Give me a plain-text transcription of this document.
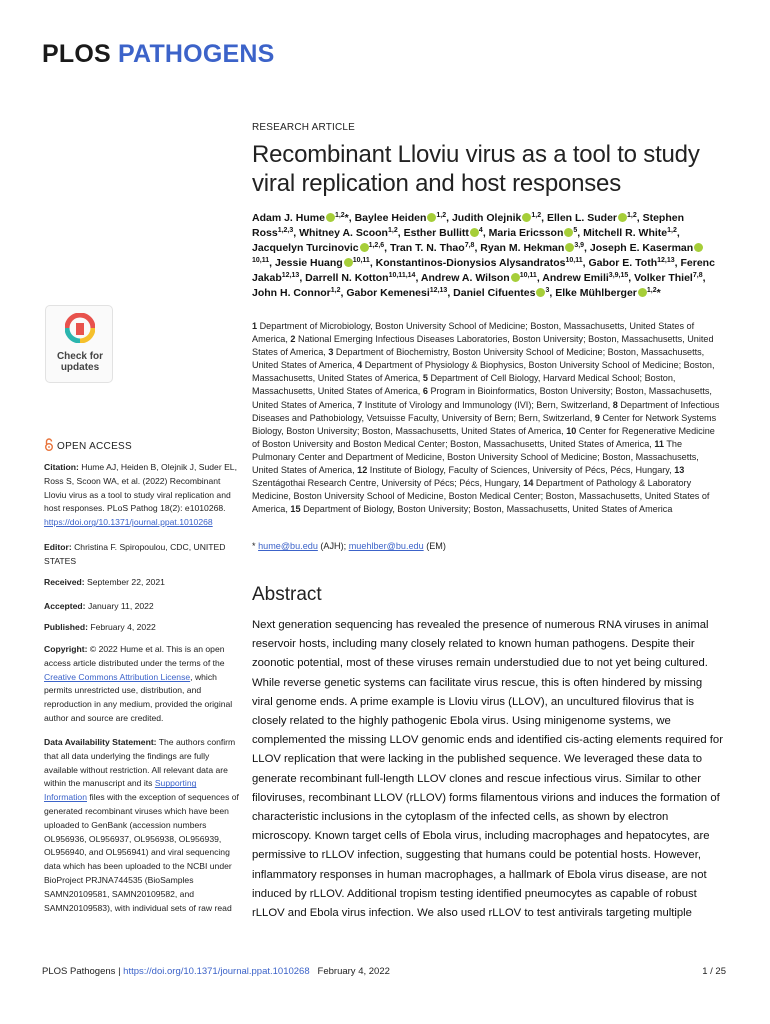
PLOS PATHOGENS
RESEARCH ARTICLE
Recombinant Lloviu virus as a tool to study viral replication and host responses
Adam J. Hume $^{1,2}$*, Baylee Heiden $^{1,2}$, Judith Olejnik $^{1,2}$, Ellen L. Suder $^{1,2}$, Stephen Ross$^{1,2,3}$, Whitney A. Scoon$^{1,2}$, Esther Bullitt $^4$, Maria Ericsson $^5$, Mitchell R. White$^{1,2}$, Jacquelyn Turcinovic $^{1,2,6}$, Tran T. N. Thao$^{7,8}$, Ryan M. Hekman $^{3,9}$, Joseph E. Kaserman$^{10,11}$, Jessie Huang $^{10,11}$, Konstantinos-Dionysios Alysandratos$^{10,11}$, Gabor E. Toth$^{12,13}$, Ferenc Jakab$^{12,13}$, Darrell N. Kotton$^{10,11,14}$, Andrew A. Wilson $^{10,11}$, Andrew Emili$^{3,9,15}$, Volker Thiel$^{7,8}$, John H. Connor$^{1,2}$, Gabor Kemenesi$^{12,13}$, Daniel Cifuentes $^3$, Elke Mühlberger $^{1,2}$*
1 Department of Microbiology, Boston University School of Medicine; Boston, Massachusetts, United States of America, 2 National Emerging Infectious Diseases Laboratories, Boston University; Boston, Massachusetts, United States of America, 3 Department of Biochemistry, Boston University School of Medicine; Boston, Massachusetts, United States of America, 4 Department of Physiology & Biophysics, Boston University School of Medicine; Boston, Massachusetts, United States of America, 5 Department of Cell Biology, Harvard Medical School; Boston, Massachusetts, United States of America, 6 Program in Bioinformatics, Boston University; Boston, Massachusetts, United States of America, 7 Institute of Virology and Immunology (IVI); Bern, Switzerland, 8 Department of Infectious Diseases and Pathobiology, Vetsuisse Faculty, University of Bern; Bern, Switzerland, 9 Center for Network Systems Biology, Boston University; Boston, Massachusetts, United States of America, 10 Center for Regenerative Medicine of Boston University and Boston Medical Center; Boston, Massachusetts, United States of America, 11 The Pulmonary Center and Department of Medicine, Boston University School of Medicine; Boston, Massachusetts, United States of America, 12 Institute of Biology, Faculty of Sciences, University of Pécs, Pécs, Hungary, 13 Szentágothai Research Centre, University of Pécs; Pécs, Hungary, 14 Department of Pathology & Laboratory Medicine, Boston University School of Medicine, Boston Medical Center; Boston, Massachusetts, United States of America, 15 Department of Biology, Boston University; Boston, Massachusetts, United States of America
* hume@bu.edu (AJH); muehlber@bu.edu (EM)
Check for
updates
OPEN ACCESS
Citation: Hume AJ, Heiden B, Olejnik J, Suder EL, Ross S, Scoon WA, et al. (2022) Recombinant Lloviu virus as a tool to study viral replication and host responses. PLoS Pathog 18(2): e1010268. https://doi.org/10.1371/journal.ppat.1010268
Editor: Christina F. Spiropoulou, CDC, UNITED STATES
Received: September 22, 2021
Accepted: January 11, 2022
Published: February 4, 2022
Copyright: © 2022 Hume et al. This is an open access article distributed under the terms of the Creative Commons Attribution License, which permits unrestricted use, distribution, and reproduction in any medium, provided the original author and source are credited.
Data Availability Statement: The authors confirm that all data underlying the findings are fully available without restriction. All relevant data are within the manuscript and its Supporting Information files with the exception of sequences of generated recombinant viruses which have been uploaded to GenBank (accession numbers OL956936, OL956937, OL956938, OL956939, OL956940, and OL956941) and viral sequencing data which has been uploaded to the NCBI under BioProject PRJNA744535 (BioSamples SAMN20109581, SAMN20109582, and SAMN20109583), with individual sets of raw read
Abstract

Next generation sequencing has revealed the presence of numerous RNA viruses in animal reservoir hosts, including many closely related to known human pathogens. Despite their zoonotic potential, most of these viruses remain understudied due to not yet being cultured. While reverse genetic systems can facilitate virus rescue, this is often hindered by missing viral genome ends. A prime example is Lloviu virus (LLOV), an uncultured filovirus that is closely related to the highly pathogenic Ebola virus. Using minigenome systems, we complemented the missing LLOV genomic ends and identified cis-acting elements required for LLOV replication that were lacking in the published sequence. We leveraged these data to generate recombinant full-length LLOV clones and rescue infectious virus. Similar to other filoviruses, recombinant LLOV (rLLOV) forms filamentous virions and induces the formation of characteristic inclusions in the cytoplasm of the infected cells, as shown by electron microscopy. Known target cells of Ebola virus, including macrophages and hepatocytes, are permissive to rLLOV infection, suggesting that humans could be potential hosts. However, inflammatory responses in human macrophages, a hallmark of Ebola virus disease, are not induced by rLLOV. Additional tropism testing identified pneumocytes as capable of robust rLLOV and Ebola virus infection. We also used rLLOV to test antivirals targeting multiple

PLOS Pathogens | https://doi.org/10.1371/journal.ppat.1010268 February 4, 2022	1 / 25
